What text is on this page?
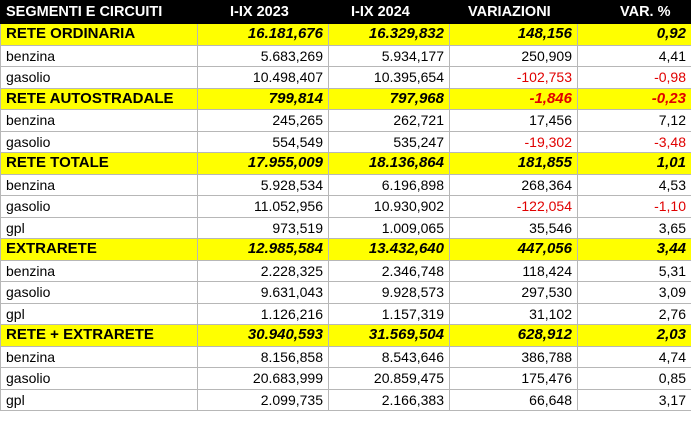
SEGMENTI E CIRCUITI	I-IX 2023	I-IX 2024	VARIAZIONI	VAR. %
RETE ORDINARIA	16.181,676	16.329,832	148,156	0,92
benzina	5.683,269	5.934,177	250,909	4,41
gasolio	10.498,407	10.395,654	-102,753	-0,98
RETE AUTOSTRADALE	799,814	797,968	-1,846	-0,23
benzina	245,265	262,721	17,456	7,12
gasolio	554,549	535,247	-19,302	-3,48
RETE TOTALE	17.955,009	18.136,864	181,855	1,01
benzina	5.928,534	6.196,898	268,364	4,53
gasolio	11.052,956	10.930,902	-122,054	-1,10
gpl	973,519	1.009,065	35,546	3,65
EXTRARETE	12.985,584	13.432,640	447,056	3,44
benzina	2.228,325	2.346,748	118,424	5,31
gasolio	9.631,043	9.928,573	297,530	3,09
gpl	1.126,216	1.157,319	31,102	2,76
RETE + EXTRARETE	30.940,593	31.569,504	628,912	2,03
benzina	8.156,858	8.543,646	386,788	4,74
gasolio	20.683,999	20.859,475	175,476	0,85
gpl	2.099,735	2.166,383	66,648	3,17
